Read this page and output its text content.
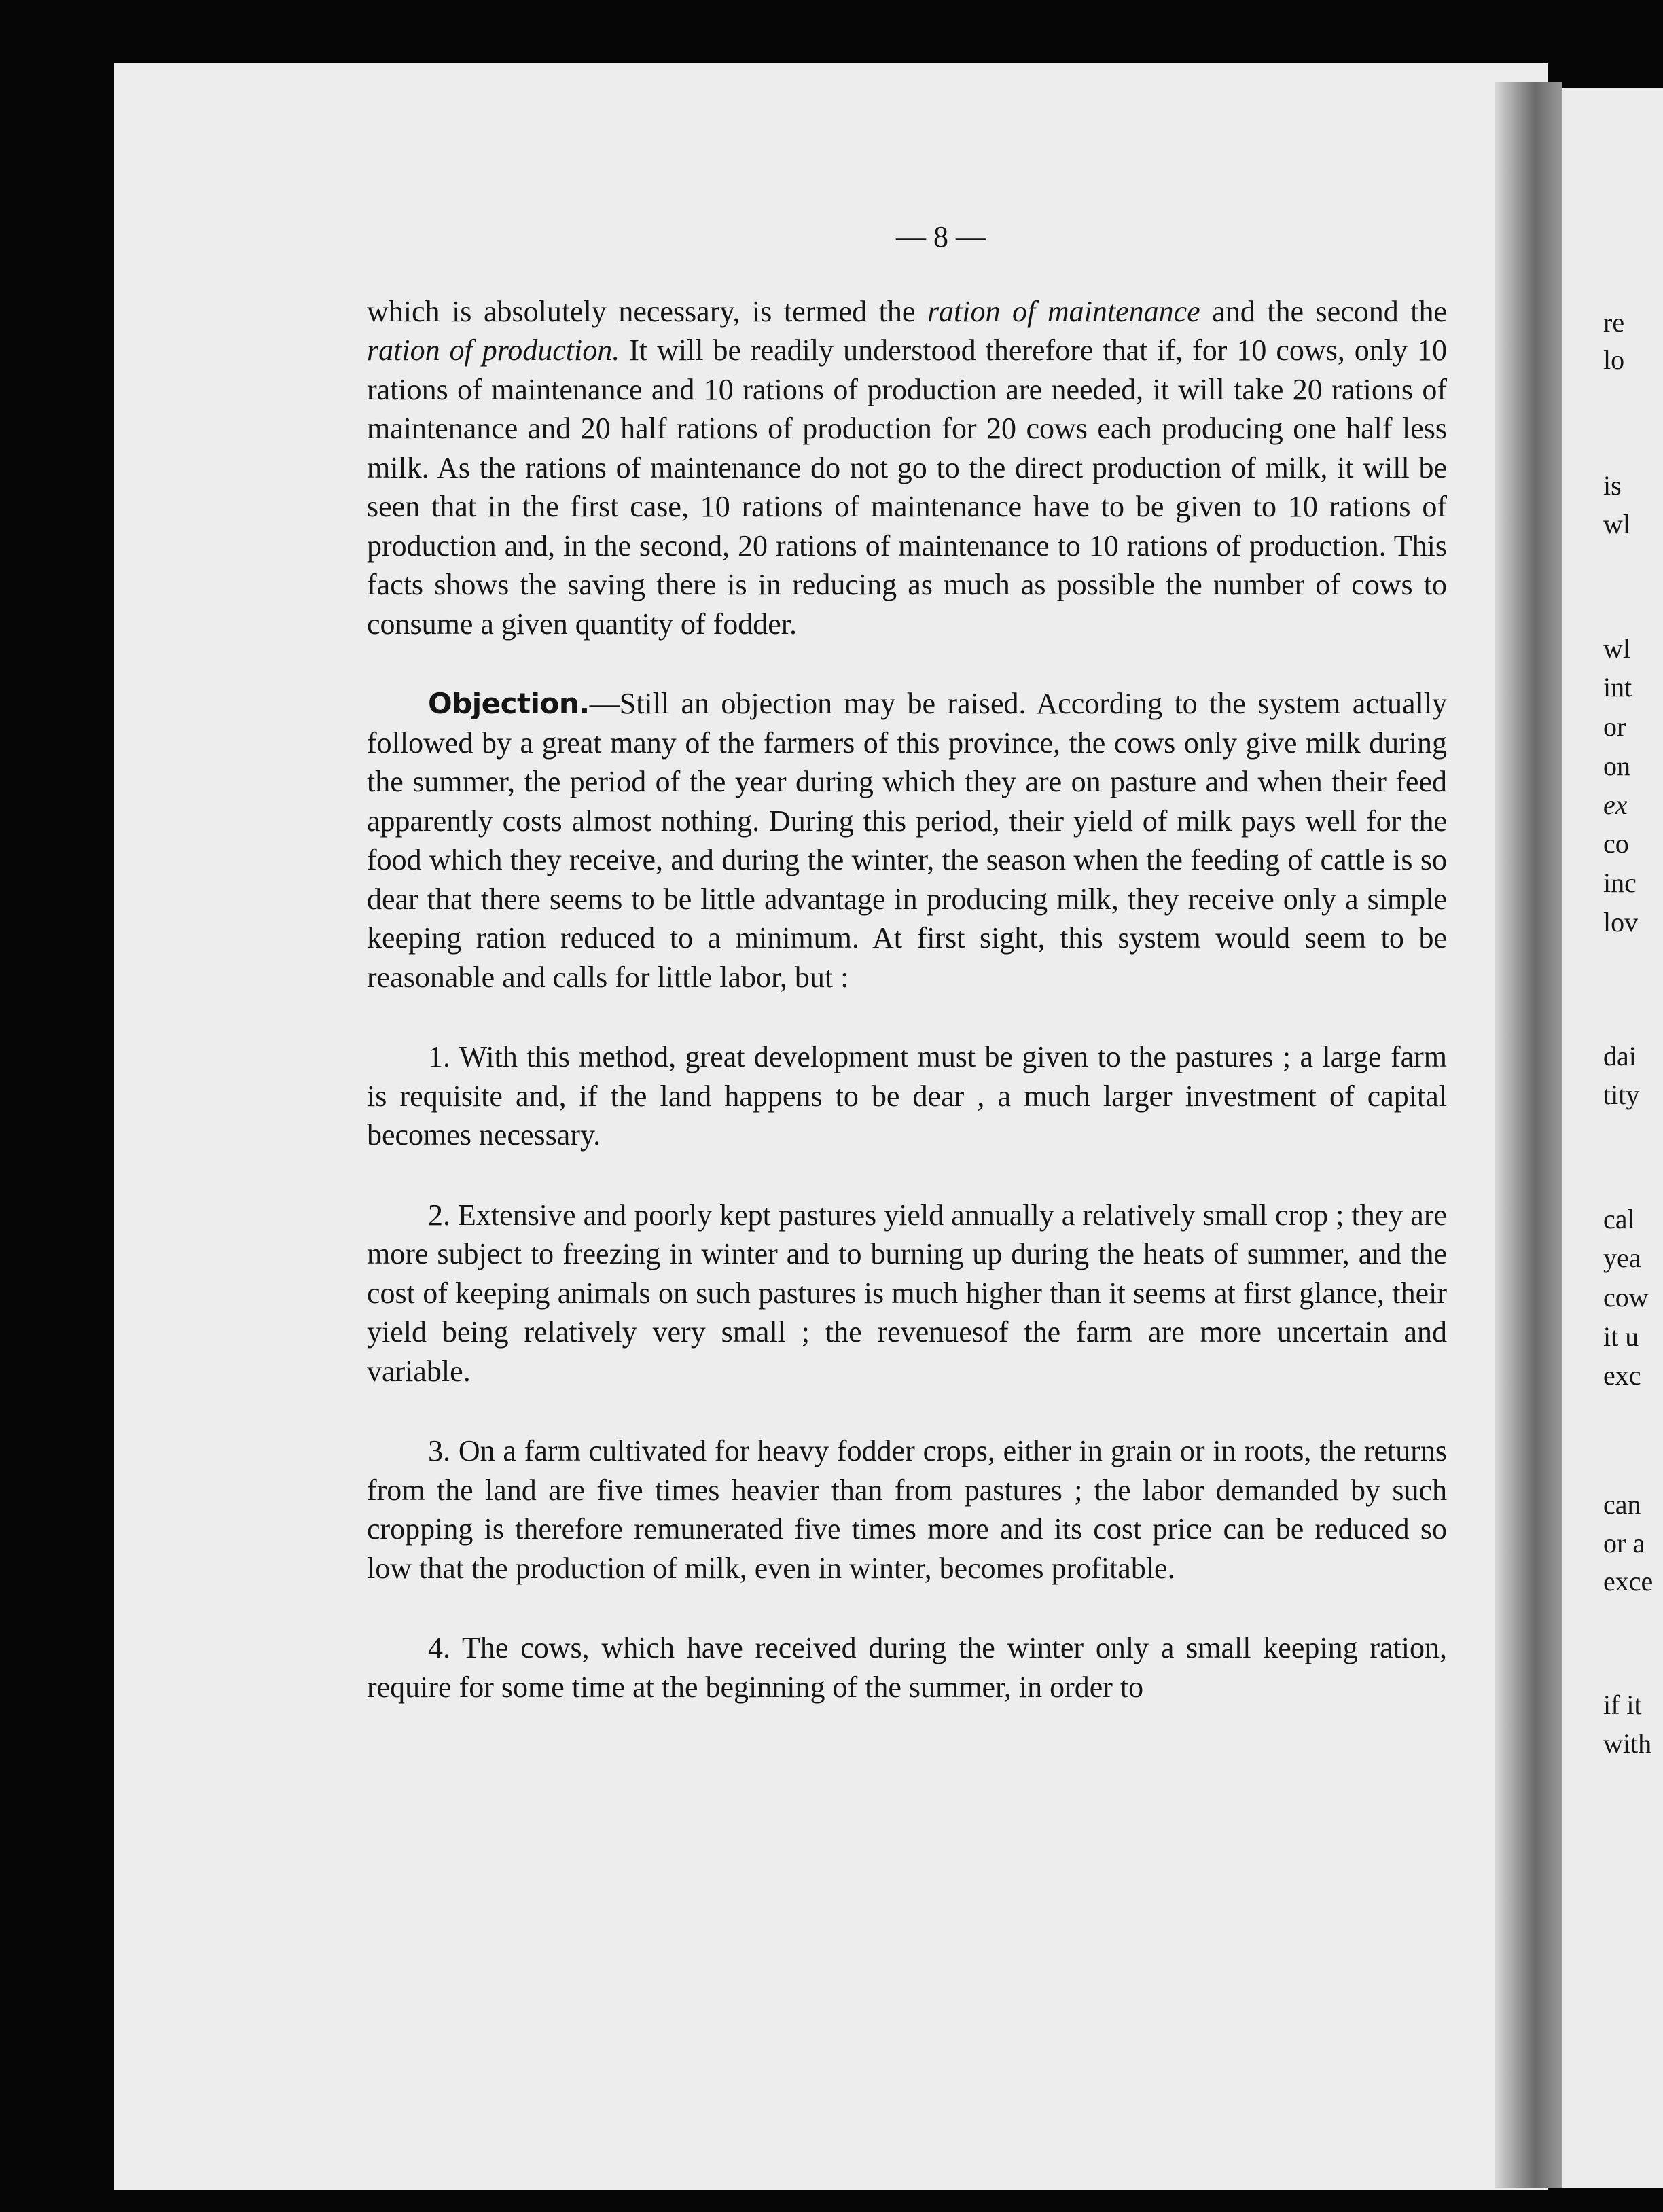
— 8 —

which is absolutely necessary, is termed the ration of maintenance and the second the ration of production. It will be readily understood therefore that if, for 10 cows, only 10 rations of maintenance and 10 rations of production are needed, it will take 20 rations of maintenance and 20 half rations of production for 20 cows each producing one half less milk. As the rations of maintenance do not go to the direct production of milk, it will be seen that in the first case, 10 rations of maintenance have to be given to 10 rations of production and, in the second, 20 rations of maintenance to 10 rations of production. This facts shows the saving there is in reducing as much as possible the number of cows to consume a given quantity of fodder.

Objection.—Still an objection may be raised. According to the system actually followed by a great many of the farmers of this province, the cows only give milk during the summer, the period of the year during which they are on pasture and when their feed apparently costs almost nothing. During this period, their yield of milk pays well for the food which they receive, and during the winter, the season when the feeding of cattle is so dear that there seems to be little advantage in producing milk, they receive only a simple keeping ration reduced to a minimum. At first sight, this system would seem to be reasonable and calls for little labor, but :

1. With this method, great development must be given to the pastures ; a large farm is requisite and, if the land happens to be dear , a much larger investment of capital becomes necessary.

2. Extensive and poorly kept pastures yield annually a relatively small crop ; they are more subject to freezing in winter and to burning up during the heats of summer, and the cost of keeping animals on such pastures is much higher than it seems at first glance, their yield being relatively very small ; the revenuesof the farm are more uncertain and variable.

3. On a farm cultivated for heavy fodder crops, either in grain or in roots, the returns from the land are five times heavier than from pastures ; the labor demanded by such cropping is therefore remunerated five times more and its cost price can be reduced so low that the production of milk, even in winter, becomes profitable.

4. The cows, which have received during the winter only a small keeping ration, require for some time at the beginning of the summer, in order to

re
lo
is
wl
wl
int
or
on
ex
co
inc
lov
dai
tity
cal
yea
cow
it u
exc
can
or a
exce
if it
with
